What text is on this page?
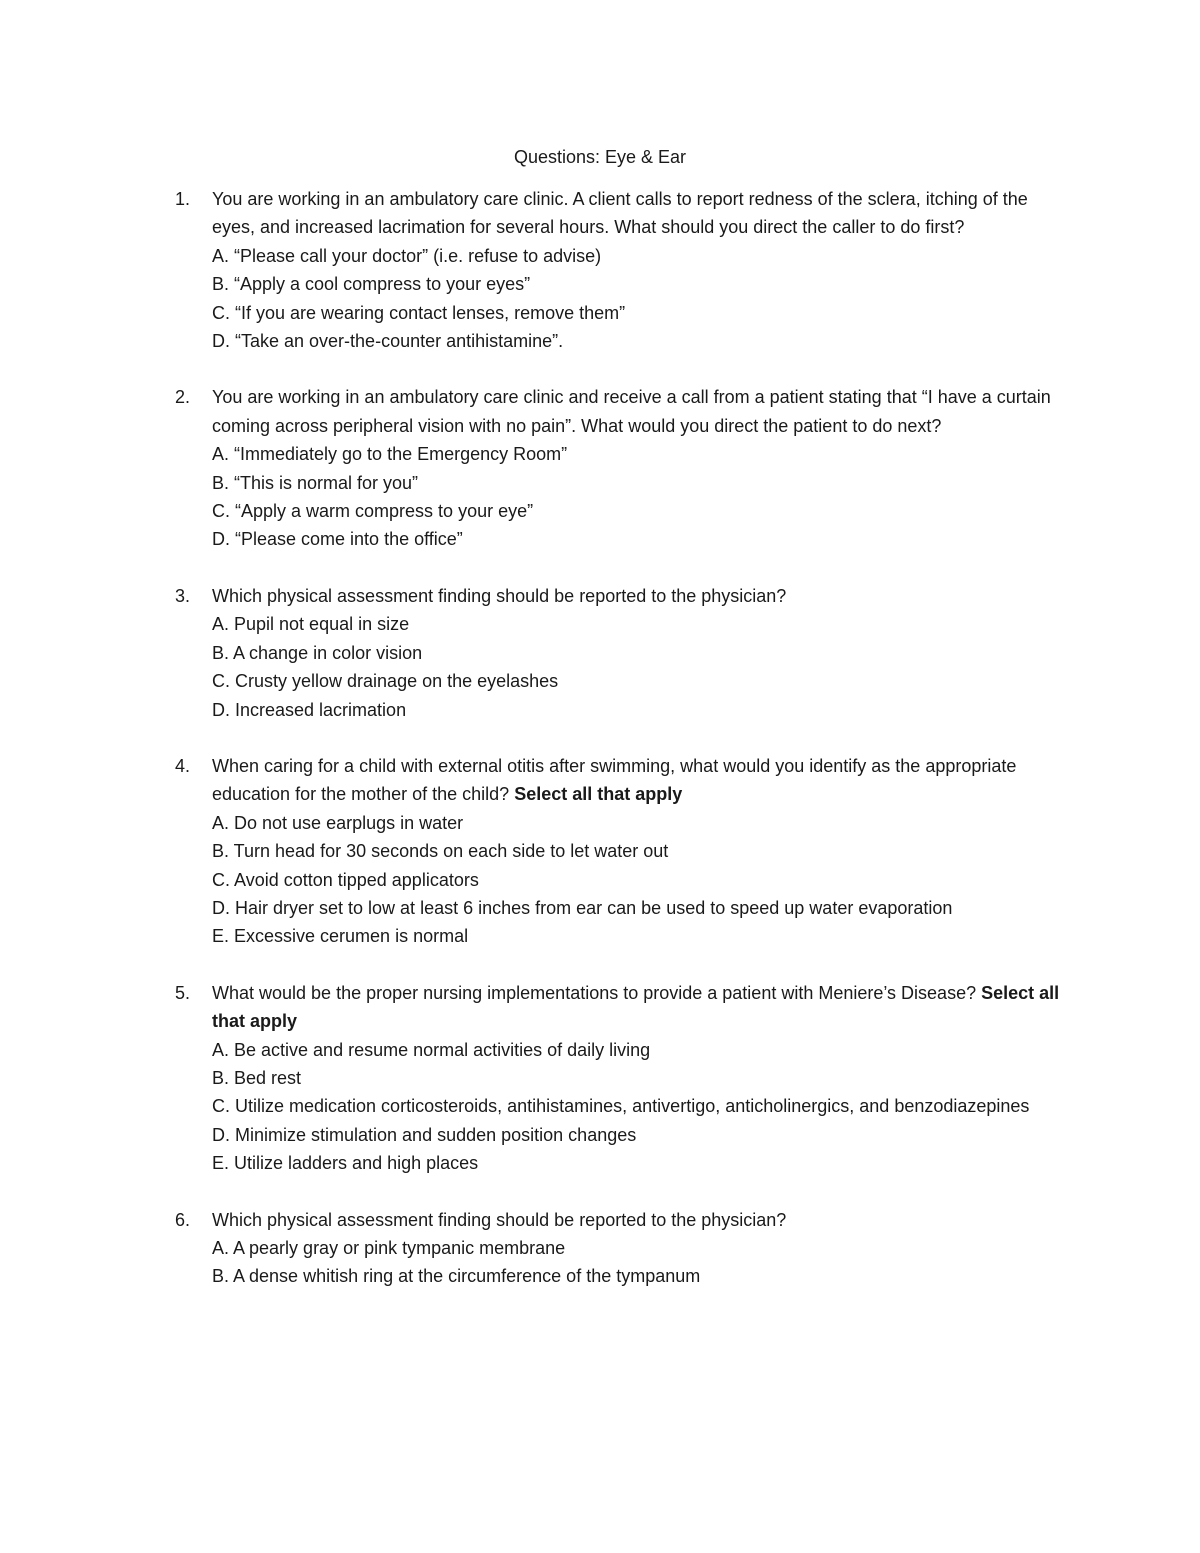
Questions: Eye & Ear
1. You are working in an ambulatory care clinic. A client calls to report redness of the sclera, itching of the eyes, and increased lacrimation for several hours. What should you direct the caller to do first?
A. “Please call your doctor” (i.e. refuse to advise)
B. “Apply a cool compress to your eyes”
C. “If you are wearing contact lenses, remove them”
D. “Take an over-the-counter antihistamine”.
2. You are working in an ambulatory care clinic and receive a call from a patient stating that “I have a curtain coming across peripheral vision with no pain”. What would you direct the patient to do next?
A. “Immediately go to the Emergency Room”
B. “This is normal for you”
C. “Apply a warm compress to your eye”
D. “Please come into the office”
3. Which physical assessment finding should be reported to the physician?
A. Pupil not equal in size
B. A change in color vision
C. Crusty yellow drainage on the eyelashes
D. Increased lacrimation
4. When caring for a child with external otitis after swimming, what would you identify as the appropriate education for the mother of the child? Select all that apply
A. Do not use earplugs in water
B. Turn head for 30 seconds on each side to let water out
C. Avoid cotton tipped applicators
D. Hair dryer set to low at least 6 inches from ear can be used to speed up water evaporation
E. Excessive cerumen is normal
5. What would be the proper nursing implementations to provide a patient with Meniere’s Disease? Select all that apply
A. Be active and resume normal activities of daily living
B. Bed rest
C. Utilize medication corticosteroids, antihistamines, antivertigo, anticholinergics, and benzodiazepines
D. Minimize stimulation and sudden position changes
E. Utilize ladders and high places
6. Which physical assessment finding should be reported to the physician?
A. A pearly gray or pink tympanic membrane
B. A dense whitish ring at the circumference of the tympanum
